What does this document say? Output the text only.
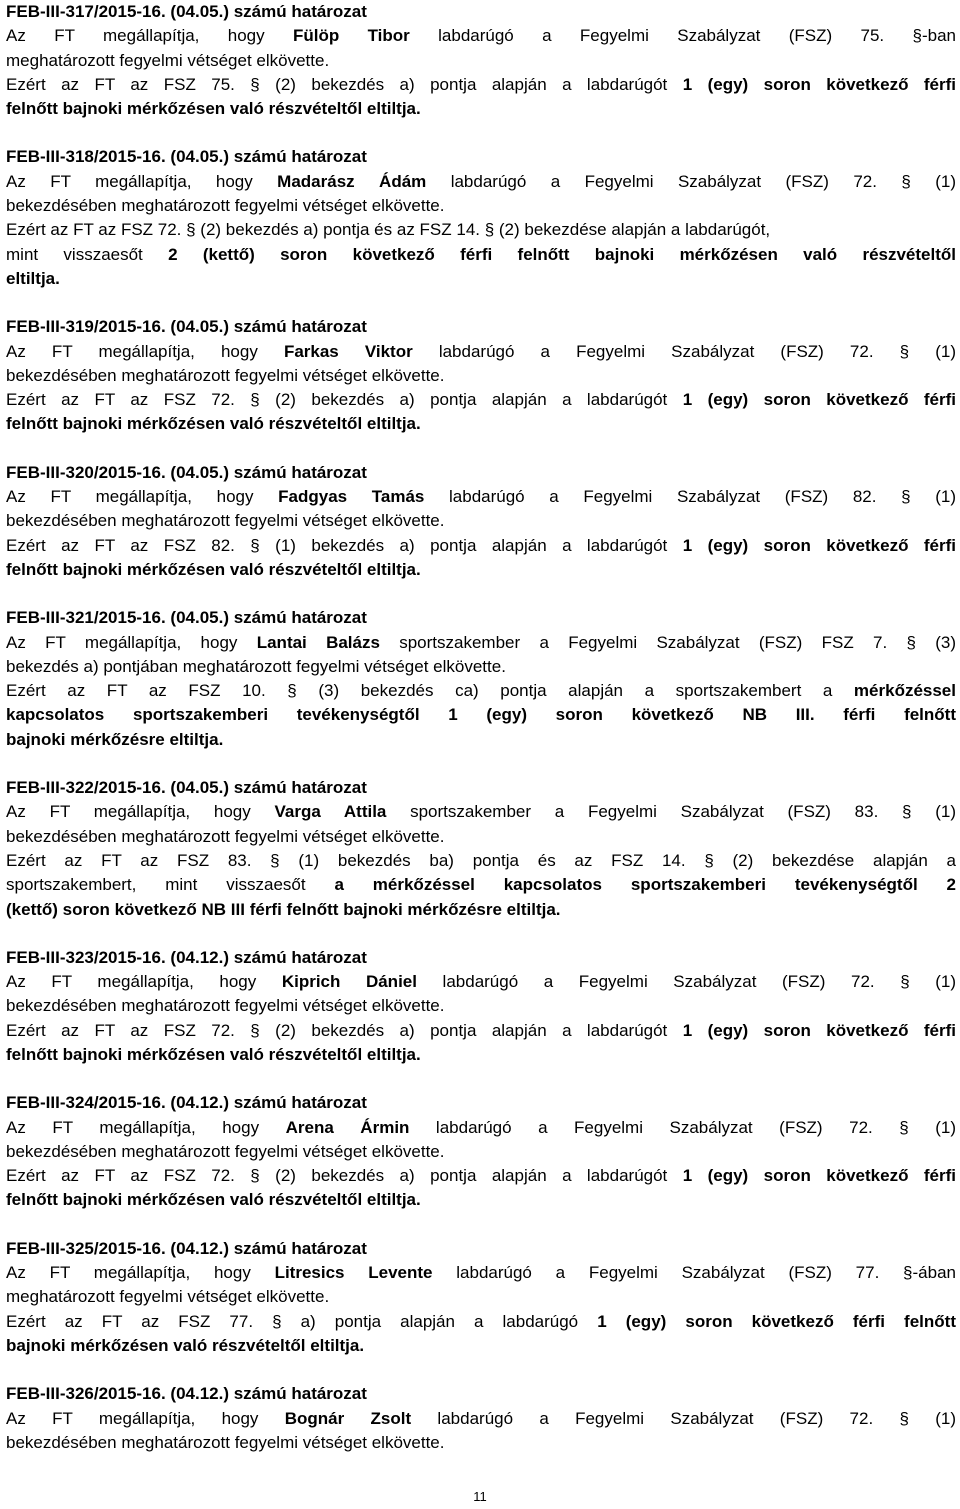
FEB-III-317/2015-16. (04.05.) számú határozat
Az FT megállapítja, hogy Fülöp Tibor labdarúgó a Fegyelmi Szabályzat (FSZ) 75. §-ban
meghatározott fegyelmi vétséget elkövette.
Ezért az FT az FSZ 75. § (2) bekezdés a) pontja alapján a labdarúgót 1 (egy) soron következő férfi
felnőtt bajnoki mérkőzésen való részvételtől eltiltja.
FEB-III-318/2015-16. (04.05.) számú határozat
Az FT megállapítja, hogy Madarász Ádám labdarúgó a Fegyelmi Szabályzat (FSZ) 72. § (1)
bekezdésében meghatározott fegyelmi vétséget elkövette.
Ezért az FT az FSZ 72. § (2) bekezdés a) pontja és az FSZ 14. § (2) bekezdése alapján a labdarúgót,
mint visszaesőt 2 (kettő) soron következő férfi felnőtt bajnoki mérkőzésen való részvételtől
eltiltja.
FEB-III-319/2015-16. (04.05.) számú határozat
Az FT megállapítja, hogy Farkas Viktor labdarúgó a Fegyelmi Szabályzat (FSZ) 72. § (1)
bekezdésében meghatározott fegyelmi vétséget elkövette.
Ezért az FT az FSZ 72. § (2) bekezdés a) pontja alapján a labdarúgót 1 (egy) soron következő férfi
felnőtt bajnoki mérkőzésen való részvételtől eltiltja.
FEB-III-320/2015-16. (04.05.) számú határozat
Az FT megállapítja, hogy Fadgyas Tamás labdarúgó a Fegyelmi Szabályzat (FSZ) 82. § (1)
bekezdésében meghatározott fegyelmi vétséget elkövette.
Ezért az FT az FSZ 82. § (1) bekezdés a) pontja alapján a labdarúgót 1 (egy) soron következő férfi
felnőtt bajnoki mérkőzésen való részvételtől eltiltja.
FEB-III-321/2015-16. (04.05.) számú határozat
Az FT megállapítja, hogy Lantai Balázs sportszakember a Fegyelmi Szabályzat (FSZ) FSZ 7. § (3)
bekezdés a) pontjában meghatározott fegyelmi vétséget elkövette.
Ezért az FT az FSZ 10. § (3) bekezdés ca) pontja alapján a sportszakembert a mérkőzéssel
kapcsolatos sportszakemberi tevékenységtől 1 (egy) soron következő NB III. férfi felnőtt
bajnoki mérkőzésre eltiltja.
FEB-III-322/2015-16. (04.05.) számú határozat
Az FT megállapítja, hogy Varga Attila sportszakember a Fegyelmi Szabályzat (FSZ) 83. § (1)
bekezdésében meghatározott fegyelmi vétséget elkövette.
Ezért az FT az FSZ 83. § (1) bekezdés ba) pontja és az FSZ 14. § (2) bekezdése alapján a
sportszakembert, mint visszaesőt a mérkőzéssel kapcsolatos sportszakemberi tevékenységtől 2
(kettő) soron következő NB III férfi felnőtt bajnoki mérkőzésre eltiltja.
FEB-III-323/2015-16. (04.12.) számú határozat
Az FT megállapítja, hogy Kiprich Dániel labdarúgó a Fegyelmi Szabályzat (FSZ) 72. § (1)
bekezdésében meghatározott fegyelmi vétséget elkövette.
Ezért az FT az FSZ 72. § (2) bekezdés a) pontja alapján a labdarúgót 1 (egy) soron következő férfi
felnőtt bajnoki mérkőzésen való részvételtől eltiltja.
FEB-III-324/2015-16. (04.12.) számú határozat
Az FT megállapítja, hogy Arena Ármin labdarúgó a Fegyelmi Szabályzat (FSZ) 72. § (1)
bekezdésében meghatározott fegyelmi vétséget elkövette.
Ezért az FT az FSZ 72. § (2) bekezdés a) pontja alapján a labdarúgót 1 (egy) soron következő férfi
felnőtt bajnoki mérkőzésen való részvételtől eltiltja.
FEB-III-325/2015-16. (04.12.) számú határozat
Az FT megállapítja, hogy Litresics Levente labdarúgó a Fegyelmi Szabályzat (FSZ) 77. §-ában
meghatározott fegyelmi vétséget elkövette.
Ezért az FT az FSZ 77. § a) pontja alapján a labdarúgó 1 (egy) soron következő férfi felnőtt
bajnoki mérkőzésen való részvételtől eltiltja.
FEB-III-326/2015-16. (04.12.) számú határozat
Az FT megállapítja, hogy Bognár Zsolt labdarúgó a Fegyelmi Szabályzat (FSZ) 72. § (1)
bekezdésében meghatározott fegyelmi vétséget elkövette.
11
